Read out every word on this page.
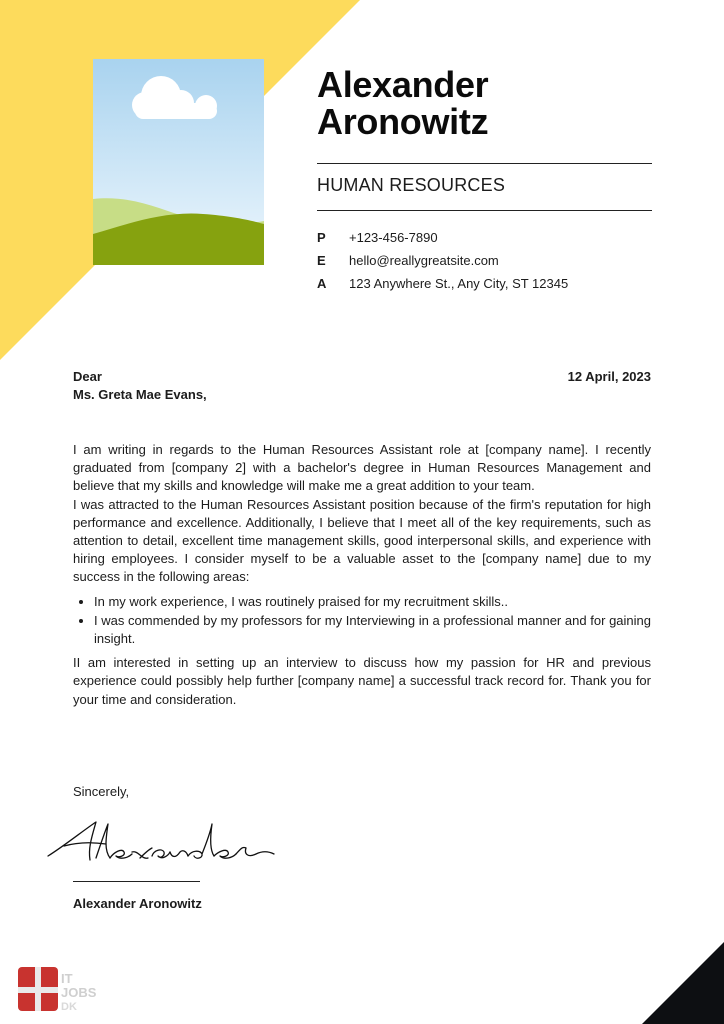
Alexander
Aronowitz
HUMAN RESOURCES
P +123-456-7890
E hello@reallygreatsite.com
A 123 Anywhere St., Any City, ST 12345
Dear
Ms. Greta Mae Evans,
12 April, 2023

I am writing in regards to the Human Resources Assistant role at [company name]. I recently graduated from [company 2] with a bachelor's degree in Human Resources Management and believe that my skills and knowledge will make me a great addition to your team.

I was attracted to the Human Resources Assistant position because of the firm's reputation for high performance and excellence. Additionally, I believe that I meet all of the key requirements, such as attention to detail, excellent time management skills, good interpersonal skills, and experience with hiring employees. I consider myself to be a valuable asset to the [company name] due to my success in the following areas:

• In my work experience, I was routinely praised for my recruitment skills..
• I was commended by my professors for my Interviewing in a professional manner and for gaining insight.

II am interested in setting up an interview to discuss how my passion for HR and previous experience could possibly help further [company name] a successful track record for. Thank you for your time and consideration.

Sincerely,
Alexander Aronowitz
IT
JOBS
DK
